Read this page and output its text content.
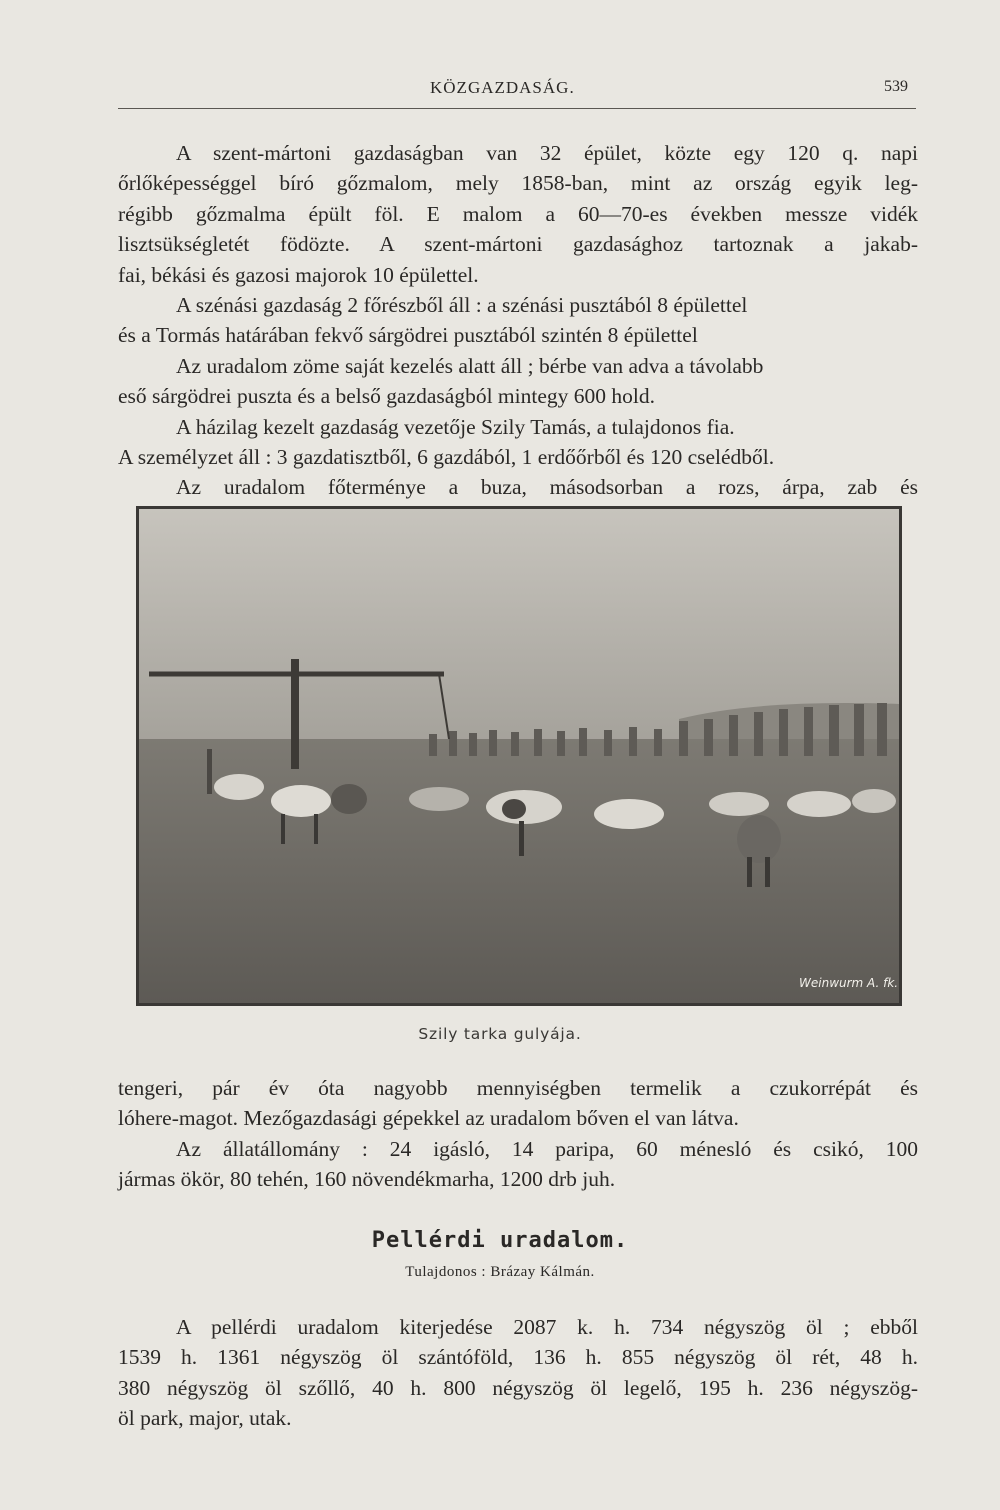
KÖZGAZDASÁG.	539

A szent-mártoni gazdaságban van 32 épület, közte egy 120 q. napi

őrlőképességgel bíró gőzmalom, mely 1858-ban, mint az ország egyik leg-

régibb gőzmalma épült föl. E malom a 60—70-es években messze vidék

lisztsükségletét födözte. A szent-mártoni gazdasághoz tartoznak a jakab-

fai, békási és gazosi majorok 10 épülettel.

A szénási gazdaság 2 főrészből áll : a szénási pusztából 8 épülettel

és a Tormás határában fekvő sárgödrei pusztából szintén 8 épülettel

Az uradalom zöme saját kezelés alatt áll ; bérbe van adva a távolabb

eső sárgödrei puszta és a belső gazdaságból mintegy 600 hold.

A házilag kezelt gazdaság vezetője Szily Tamás, a tulajdonos fia.

A személyzet áll : 3 gazdatisztből, 6 gazdából, 1 erdőőrből és 120 cselédből.

Az uradalom főterménye a buza, másodsorban a rozs, árpa, zab és

Weinwurm A. fk.
Szily tarka gulyája.

tengeri, pár év óta nagyobb mennyiségben termelik a czukorrépát és

lóhere-magot. Mezőgazdasági gépekkel az uradalom bőven el van látva.

Az állatállomány : 24 igásló, 14 paripa, 60 ménesló és csikó, 100

jármas ökör, 80 tehén, 160 növendékmarha, 1200 drb juh.

Pellérdi uradalom.
Tulajdonos : Brázay Kálmán.

A pellérdi uradalom kiterjedése 2087 k. h. 734 négyszög öl ; ebből

1539 h. 1361 négyszög öl szántóföld, 136 h. 855 négyszög öl rét, 48 h.

380 négyszög öl szőllő, 40 h. 800 négyszög öl legelő, 195 h. 236 négyszög-

öl park, major, utak.
